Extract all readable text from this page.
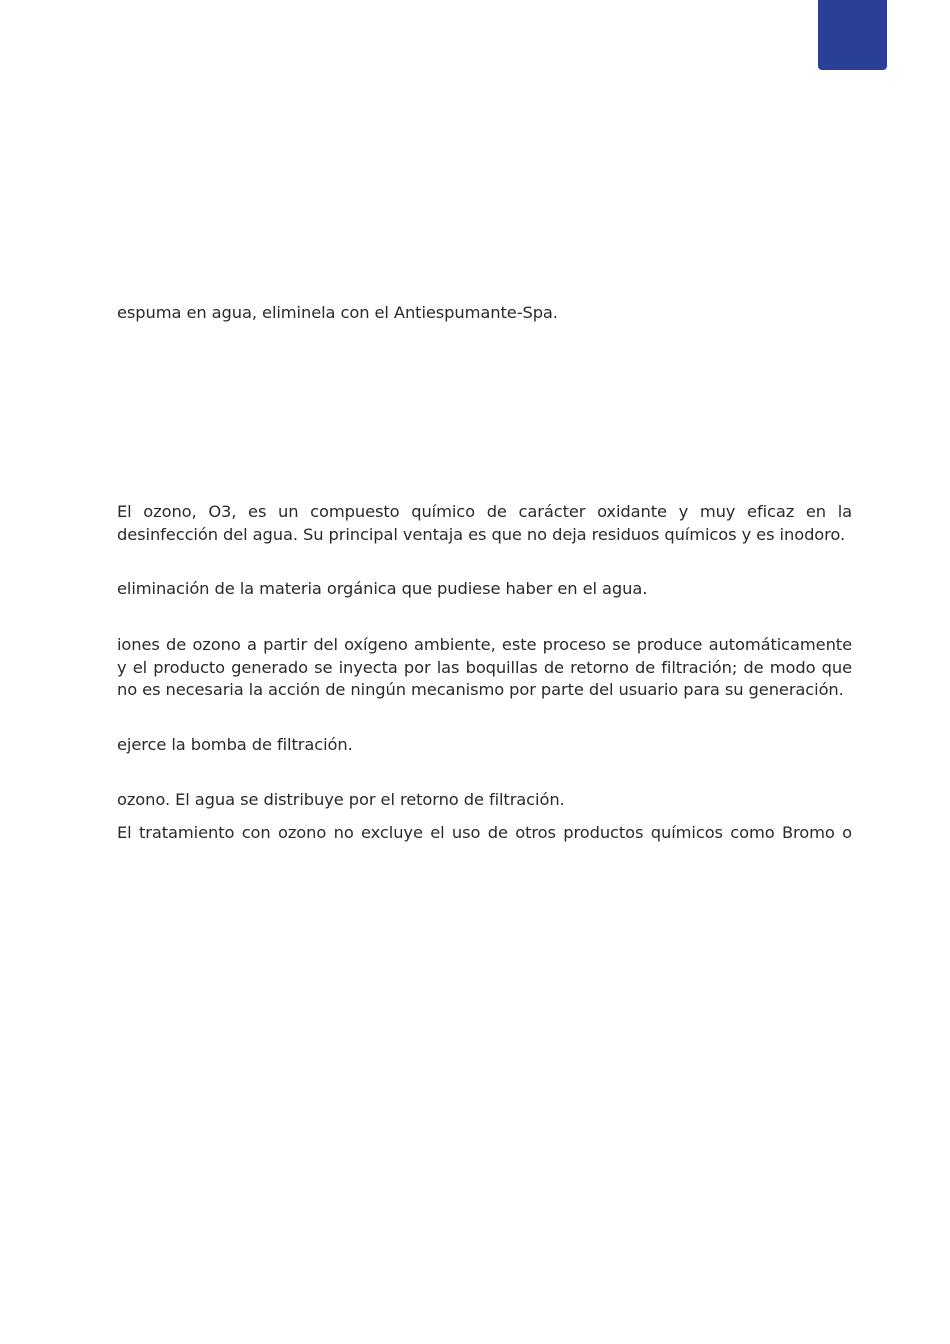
espuma en agua, eliminela con el Antiespumante-Spa.

El ozono, O3, es un compuesto químico de carácter oxidante y muy eficaz en la desinfección del agua. Su principal ventaja es que no deja residuos químicos y es inodoro.

eliminación de la materia orgánica que pudiese haber en el agua.

iones de ozono a partir del oxígeno ambiente, este proceso se produce automáticamente y el producto generado se inyecta por las boquillas de retorno de filtración; de modo que no es necesaria la acción de ningún mecanismo por parte del usuario para su generación.

ejerce la bomba de filtración.

ozono. El agua se distribuye por el retorno de filtración.

El tratamiento con ozono no excluye el uso de otros productos químicos como Bromo o
